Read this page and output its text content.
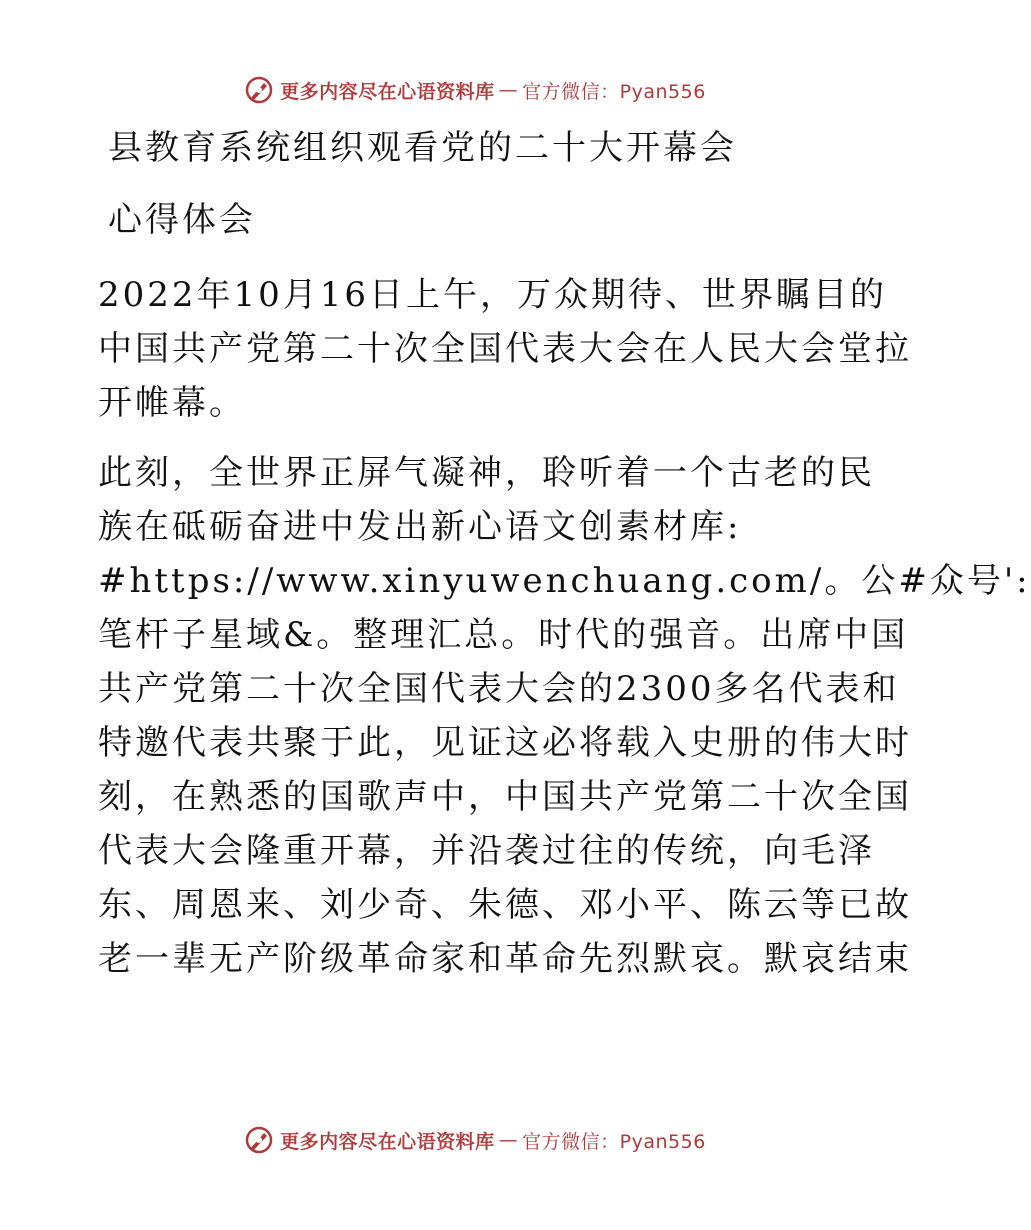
更多内容尽在心语资料库 — 官方微信：Pyan556
县教育系统组织观看党的二十大开幕会
心得体会
2022年10月16日上午，万众期待、世界瞩目的
中国共产党第二十次全国代表大会在人民大会堂拉
开帷幕。
此刻，全世界正屏气凝神，聆听着一个古老的民
族在砥砺奋进中发出新心语文创素材库:
#https://www.xinyuwenchuang.com/。公#众号':
笔杆子星域&。整理汇总。时代的强音。出席中国
共产党第二十次全国代表大会的2300多名代表和
特邀代表共聚于此，见证这必将载入史册的伟大时
刻，在熟悉的国歌声中，中国共产党第二十次全国
代表大会隆重开幕，并沿袭过往的传统，向毛泽
东、周恩来、刘少奇、朱德、邓小平、陈云等已故
老一辈无产阶级革命家和革命先烈默哀。默哀结束
更多内容尽在心语资料库 — 官方微信：Pyan556
